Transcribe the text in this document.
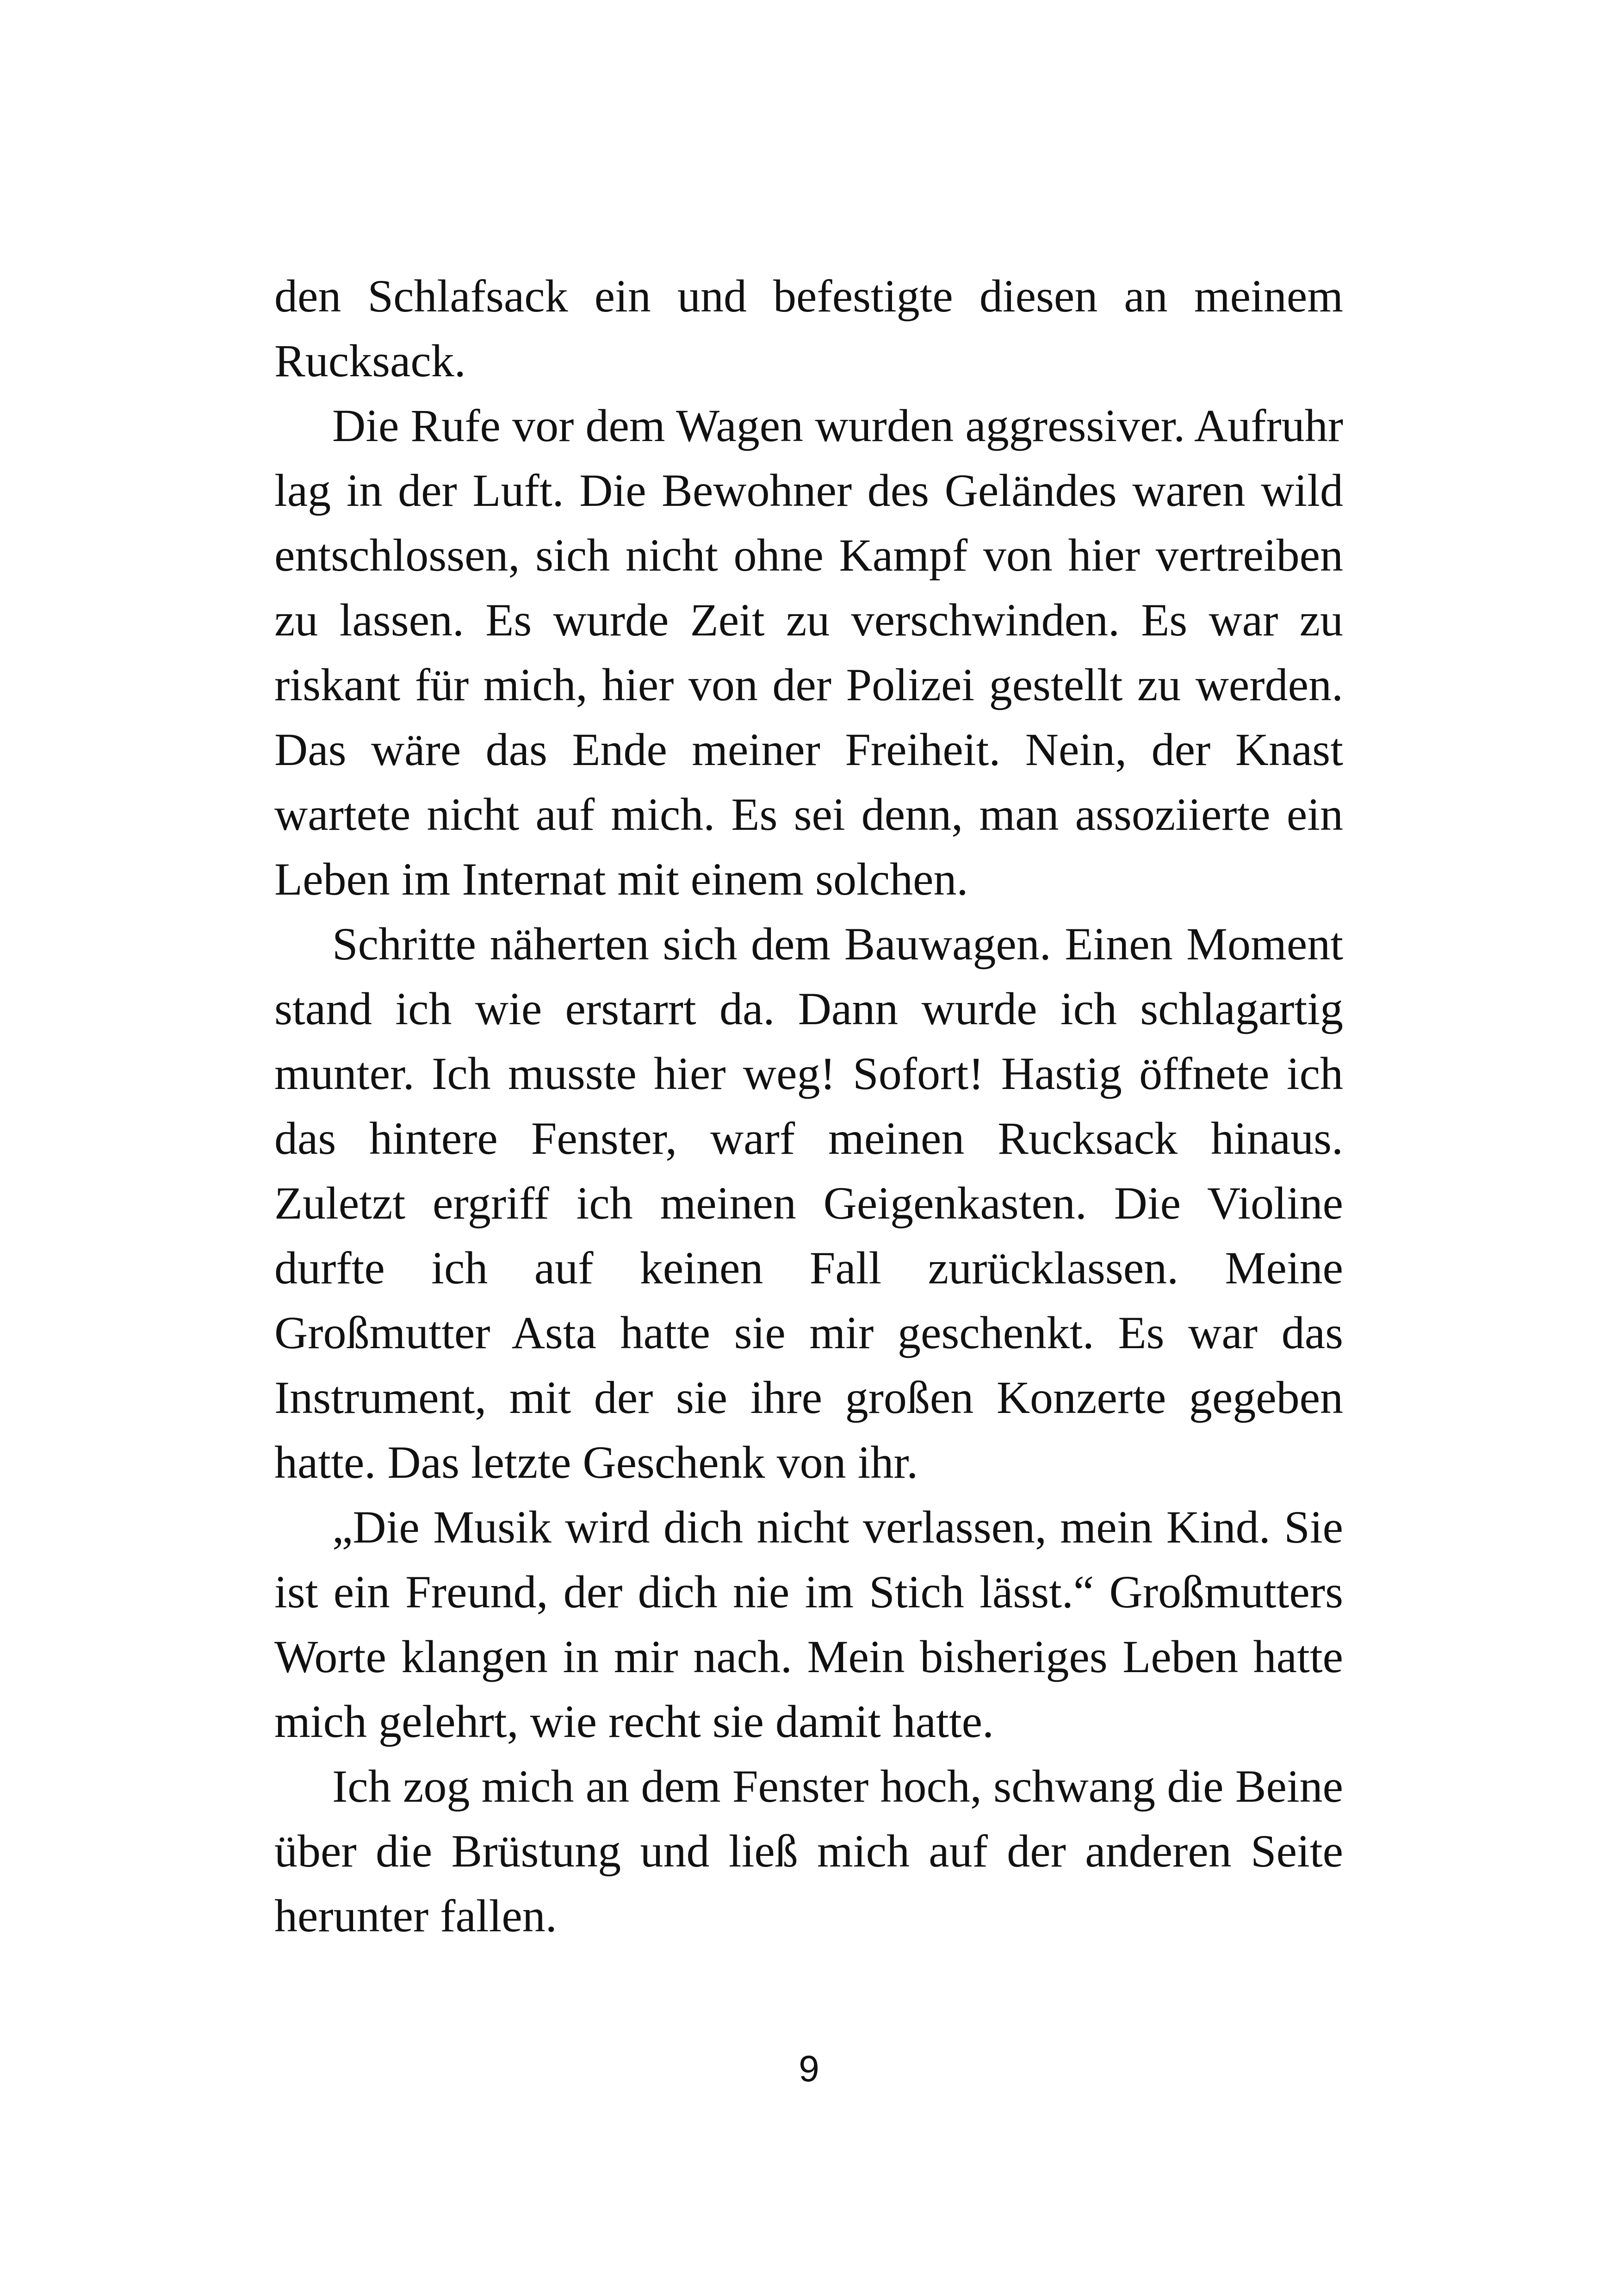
den Schlafsack ein und befestigte diesen an meinem Rucksack.

Die Rufe vor dem Wagen wurden aggressiver. Aufruhr lag in der Luft. Die Bewohner des Geländes waren wild entschlossen, sich nicht ohne Kampf von hier vertreiben zu lassen. Es wurde Zeit zu verschwinden. Es war zu riskant für mich, hier von der Polizei gestellt zu werden. Das wäre das Ende meiner Freiheit. Nein, der Knast wartete nicht auf mich. Es sei denn, man assoziierte ein Leben im Internat mit einem solchen.

Schritte näherten sich dem Bauwagen. Einen Moment stand ich wie erstarrt da. Dann wurde ich schlagartig munter. Ich musste hier weg! Sofort! Hastig öffnete ich das hintere Fenster, warf meinen Rucksack hinaus. Zuletzt ergriff ich meinen Geigenkasten. Die Violine durfte ich auf keinen Fall zurücklassen. Meine Großmutter Asta hatte sie mir geschenkt. Es war das Instrument, mit der sie ihre großen Konzerte gegeben hatte. Das letzte Geschenk von ihr.

„Die Musik wird dich nicht verlassen, mein Kind. Sie ist ein Freund, der dich nie im Stich lässt.“ Großmutters Worte klangen in mir nach. Mein bisheriges Leben hatte mich gelehrt, wie recht sie damit hatte.

Ich zog mich an dem Fenster hoch, schwang die Beine über die Brüstung und ließ mich auf der anderen Seite herunter fallen.

9
